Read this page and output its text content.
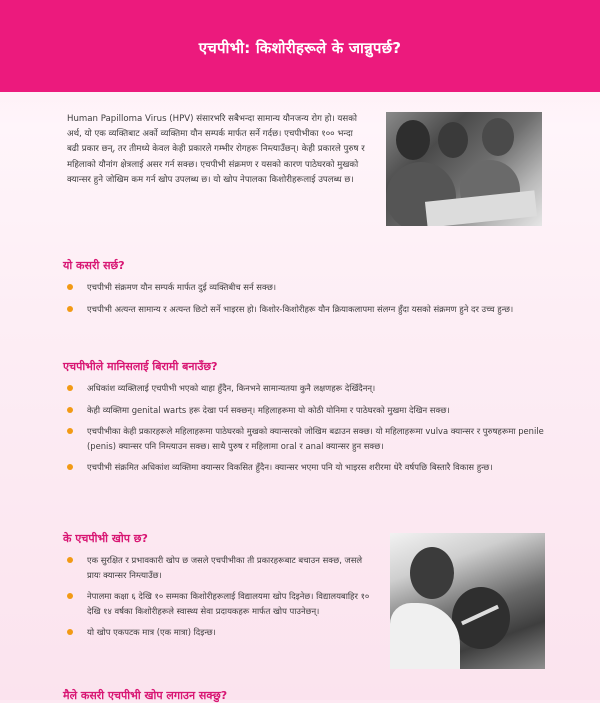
एचपीभी: किशोरीहरूले के जान्नुपर्छ?

Human Papilloma Virus (HPV) संसारभरि सबैभन्दा सामान्य यौनजन्य रोग हो। यसको अर्थ, यो एक व्यक्तिबाट अर्को व्यक्तिमा यौन सम्पर्क मार्फत सर्ने गर्दछ। एचपीभीका १०० भन्दा बढी प्रकार छन्, तर तीमध्ये केवल केही प्रकारले गम्भीर रोगहरू निम्त्याउँछन्। केही प्रकारले पुरुष र महिलाको यौनांग क्षेत्रलाई असर गर्न सक्छ। एचपीभी संक्रमण र यसको कारण पाठेघरको मुखको क्यान्सर हुने जोखिम कम गर्न खोप उपलब्ध छ। यो खोप नेपालका किशोरीहरूलाई उपलब्ध छ।

यो कसरी सर्छ?
एचपीभी संक्रमण यौन सम्पर्क मार्फत दुई व्यक्तिबीच सर्न सक्छ।
एचपीभी अत्यन्त सामान्य र अत्यन्त छिटो सर्ने भाइरस हो। किशोर-किशोरीहरू यौन क्रियाकलापमा संलग्न हुँदा यसको संक्रमण हुने दर उच्च हुन्छ।
एचपीभीले मानिसलाई बिरामी बनाउँछ?
अधिकांश व्यक्तिलाई एचपीभी भएको थाहा हुँदैन, किनभने सामान्यतया कुनै लक्षणहरू देखिँदैनन्।
केही व्यक्तिमा genital warts हरू देखा पर्न सक्छन्। महिलाहरूमा यो कोठी योनिमा र पाठेघरको मुखमा देखिन सक्छ।
एचपीभीका केही प्रकारहरूले महिलाहरूमा पाठेघरको मुखको क्यान्सरको जोखिम बढाउन सक्छ। यो महिलाहरूमा vulva क्यान्सर र पुरुषहरूमा penile (penis) क्यान्सर पनि निम्त्याउन सक्छ। साथै पुरुष र महिलामा oral र anal क्यान्सर हुन सक्छ।
एचपीभी संक्रमित अधिकांश व्यक्तिमा क्यान्सर विकसित हुँदैन। क्यान्सर भएमा पनि यो भाइरस शरीरमा धेरै वर्षपछि बिस्तारै विकास हुन्छ।
के एचपीभी खोप छ?
एक सुरक्षित र प्रभावकारी खोप छ जसले एचपीभीका ती प्रकारहरूबाट बचाउन सक्छ, जसले प्रायः क्यान्सर निम्त्याउँछ।
नेपालमा कक्षा ६ देखि १० सम्मका किशोरीहरूलाई विद्यालयमा खोप दिइनेछ। विद्यालयबाहिर १० देखि १४ वर्षका किशोरीहरूले स्वास्थ्य सेवा प्रदायकहरू मार्फत खोप पाउनेछन्।
यो खोप एकपटक मात्र (एक मात्रा) दिइन्छ।
मैले कसरी एचपीभी खोप लगाउन सक्छु?
